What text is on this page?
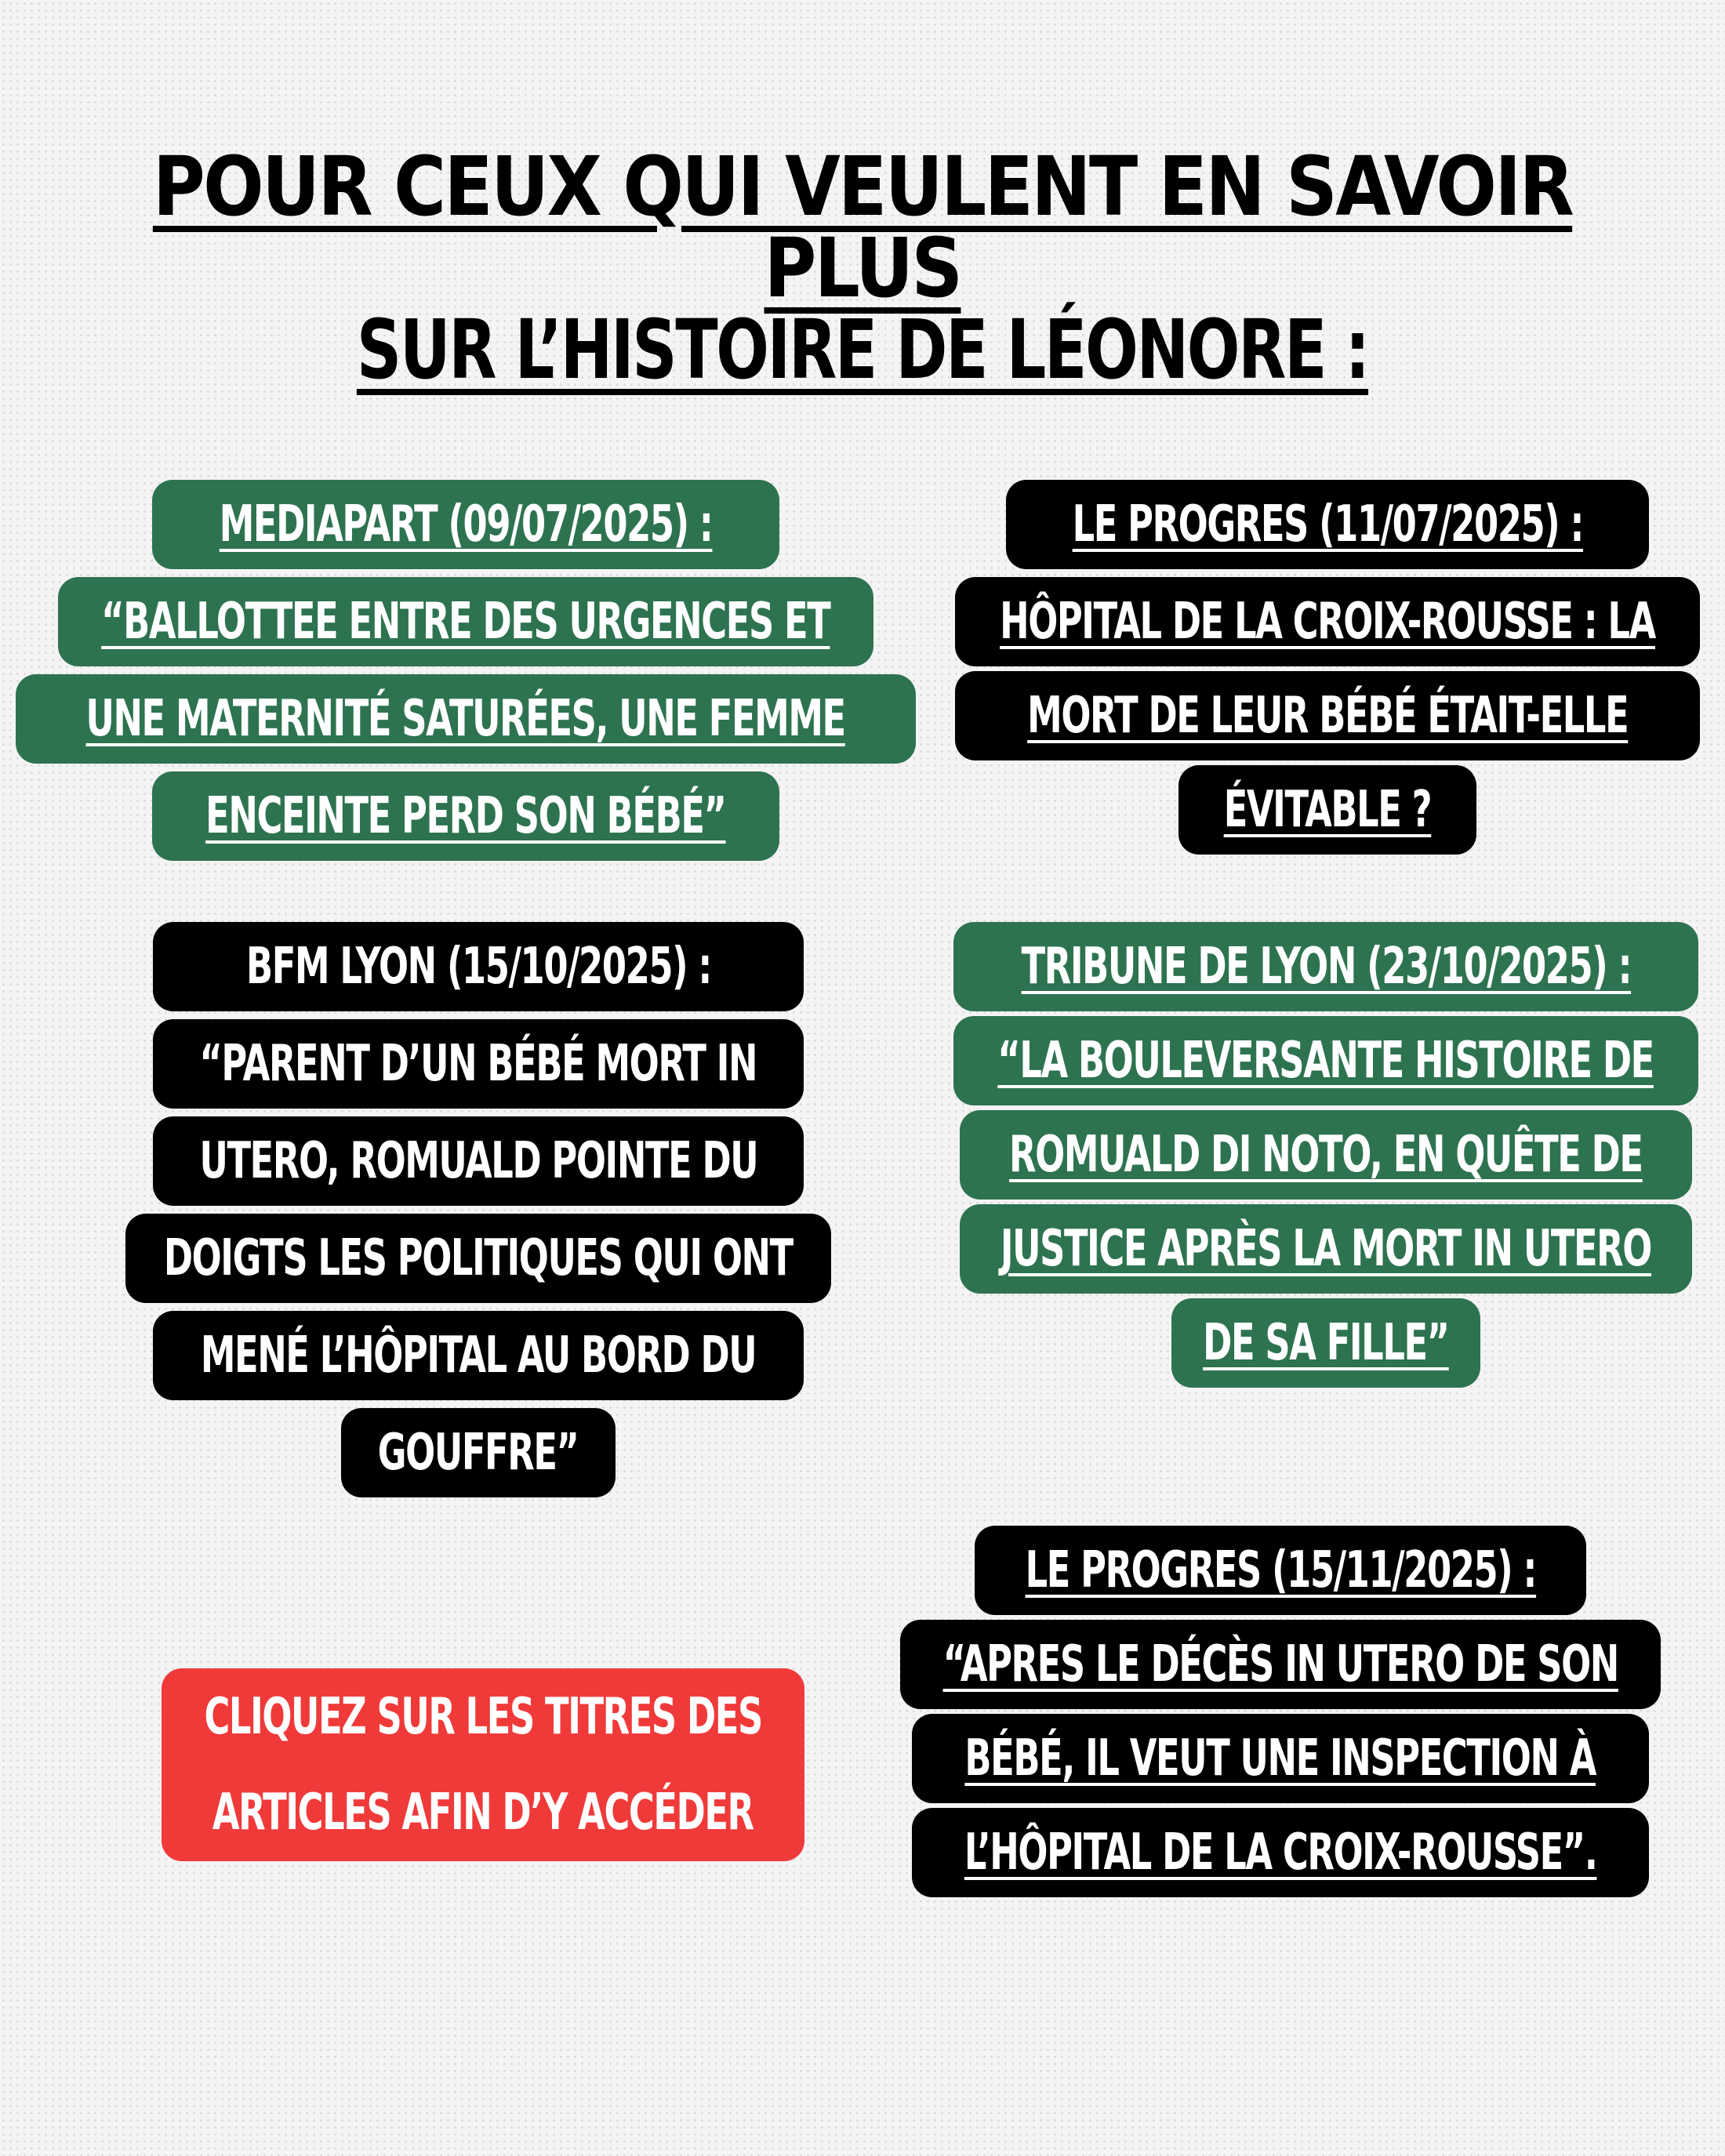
POUR CEUX QUI VEULENT EN SAVOIR PLUS
SUR L’HISTOIRE DE LÉONORE :
MEDIAPART (09/07/2025) :
“BALLOTTEE ENTRE DES URGENCES ET
UNE MATERNITÉ SATURÉES, UNE FEMME
ENCEINTE PERD SON BÉBÉ”
LE PROGRES (11/07/2025) :
HÔPITAL DE LA CROIX-ROUSSE : LA
MORT DE LEUR BÉBÉ ÉTAIT-ELLE
ÉVITABLE ?
BFM LYON (15/10/2025) :
“PARENT D’UN BÉBÉ MORT IN
UTERO, ROMUALD POINTE DU
DOIGTS LES POLITIQUES QUI ONT
MENÉ L’HÔPITAL AU BORD DU
GOUFFRE”
TRIBUNE DE LYON (23/10/2025) :
“LA BOULEVERSANTE HISTOIRE DE
ROMUALD DI NOTO, EN QUÊTE DE
JUSTICE APRÈS LA MORT IN UTERO
DE SA FILLE”
CLIQUEZ SUR LES TITRES DES
ARTICLES AFIN D’Y ACCÉDER
LE PROGRES (15/11/2025) :
“APRES LE DÉCÈS IN UTERO DE SON
BÉBÉ, IL VEUT UNE INSPECTION À
L’HÔPITAL DE LA CROIX-ROUSSE”.
